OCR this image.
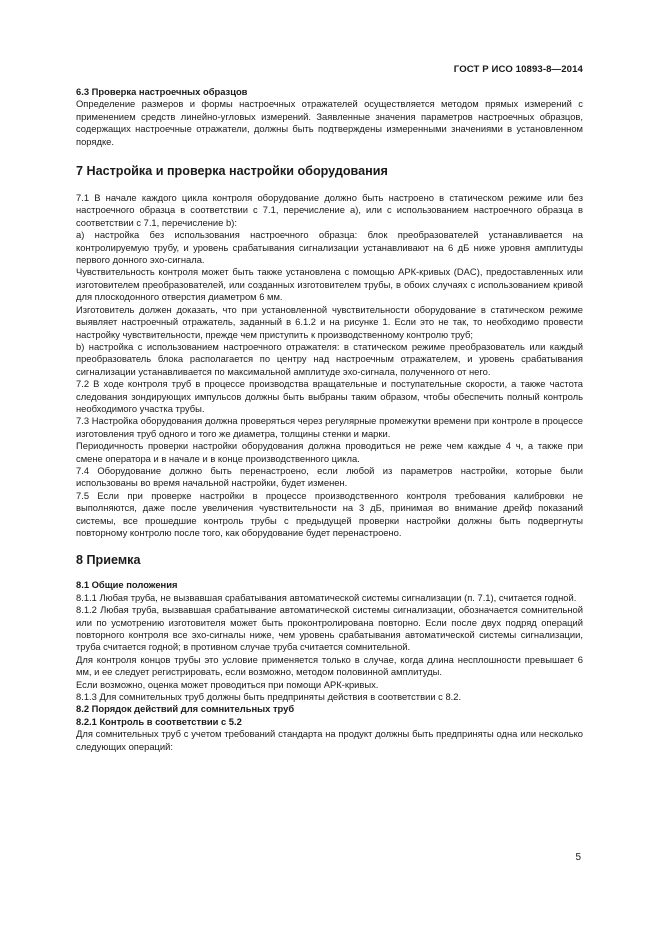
ГОСТ Р ИСО 10893-8—2014

6.3 Проверка настроечных образцов

Определение размеров и формы настроечных отражателей осуществляется методом прямых измерений с применением средств линейно-угловых измерений. Заявленные значения параметров настроечных образцов, содержащих настроечные отражатели, должны быть подтверждены измеренными значениями в установленном порядке.

7 Настройка и проверка настройки оборудования

7.1 В начале каждого цикла контроля оборудование должно быть настроено в статическом режиме или без настроечного образца в соответствии с 7.1, перечисление а), или с использованием настроечного образца в соответствии с 7.1, перечисление b):

а) настройка без использования настроечного образца: блок преобразователей устанавливается на контролируемую трубу, и уровень срабатывания сигнализации устанавливают на 6 дБ ниже уровня амплитуды первого донного эхо-сигнала.

Чувствительность контроля может быть также установлена с помощью АРК-кривых (DAC), предоставленных или изготовителем преобразователей, или созданных изготовителем трубы, в обоих случаях с использованием кривой для плоскодонного отверстия диаметром 6 мм.

Изготовитель должен доказать, что при установленной чувствительности оборудование в статическом режиме выявляет настроечный отражатель, заданный в 6.1.2 и на рисунке 1. Если это не так, то необходимо провести настройку чувствительности, прежде чем приступить к производственному контролю труб;

b) настройка с использованием настроечного отражателя: в статическом режиме преобразователь или каждый преобразователь блока располагается по центру над настроечным отражателем, и уровень срабатывания сигнализации устанавливается по максимальной амплитуде эхо-сигнала, полученного от него.

7.2 В ходе контроля труб в процессе производства вращательные и поступательные скорости, а также частота следования зондирующих импульсов должны быть выбраны таким образом, чтобы обеспечить полный контроль необходимого участка трубы.

7.3 Настройка оборудования должна проверяться через регулярные промежутки времени при контроле в процессе изготовления труб одного и того же диаметра, толщины стенки и марки.

Периодичность проверки настройки оборудования должна проводиться не реже чем каждые 4 ч, а также при смене оператора и в начале и в конце производственного цикла.

7.4 Оборудование должно быть перенастроено, если любой из параметров настройки, которые были использованы во время начальной настройки, будет изменен.

7.5 Если при проверке настройки в процессе производственного контроля требования калибровки не выполняются, даже после увеличения чувствительности на 3 дБ, принимая во внимание дрейф показаний системы, все прошедшие контроль трубы с предыдущей проверки настройки должны быть подвергнуты повторному контролю после того, как оборудование будет перенастроено.

8 Приемка

8.1 Общие положения

8.1.1 Любая труба, не вызвавшая срабатывания автоматической системы сигнализации (п. 7.1), считается годной.

8.1.2 Любая труба, вызвавшая срабатывание автоматической системы сигнализации, обозначается сомнительной или по усмотрению изготовителя может быть проконтролирована повторно. Если после двух подряд операций повторного контроля все эхо-сигналы ниже, чем уровень срабатывания автоматической системы сигнализации, труба считается годной; в противном случае труба считается сомнительной.

Для контроля концов трубы это условие применяется только в случае, когда длина несплошности превышает 6 мм, и ее следует регистрировать, если возможно, методом половинной амплитуды.

Если возможно, оценка может проводиться при помощи АРК-кривых.

8.1.3 Для сомнительных труб должны быть предприняты действия в соответствии с 8.2.

8.2 Порядок действий для сомнительных труб

8.2.1 Контроль в соответствии с 5.2

Для сомнительных труб с учетом требований стандарта на продукт должны быть предприняты одна или несколько следующих операций:

5
